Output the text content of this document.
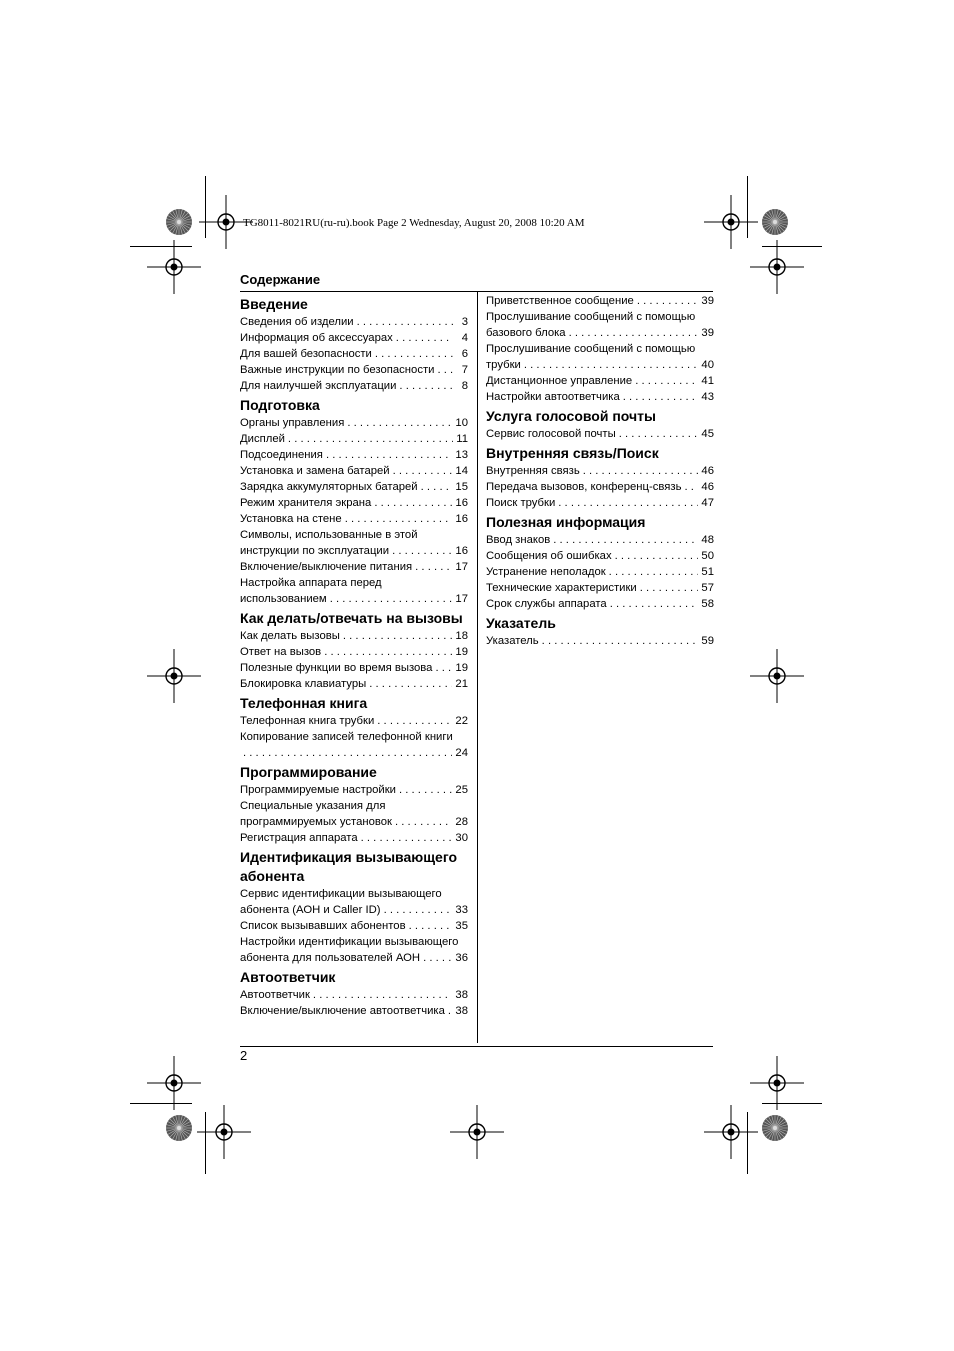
TG8011-8021RU(ru-ru).book Page 2 Wednesday, August 20, 2008 10:20 AM
Содержание
Введение
Сведения об изделии . . .	3
Информация об аксессуарах . . .	4
Для вашей безопасности . . .	6
Важные инструкции по безопасности . . .	7
Для наилучшей эксплуатации . . .	8
Подготовка
Органы управления . . .	10
Дисплей . . .	11
Подсоединения . . .	13
Установка и замена батарей . . .	14
Зарядка аккумуляторных батарей . . .	15
Режим хранителя экрана . . .	16
Установка на стене . . .	16
Символы, использованные в этой
инструкции по эксплуатации . . .	16
Включение/выключение питания . . .	17
Настройка аппарата перед
использованием . . .	17
Как делать/отвечать на вызовы
Как делать вызовы . . .	18
Ответ на вызов . . .	19
Полезные функции во время вызова . . . 19
Блокировка клавиатуры . . .	21
Телефонная книга
Телефонная книга трубки . . .	22
Копирование записей телефонной книги
. . .
24
Программирование
Программируемые настройки . . .	25
Специальные указания для
программируемых установок . . .	28
Регистрация аппарата . . .	30
Идентификация вызывающего абонента
Сервис идентификации вызывающего
абонента (АОН и Caller ID) . . .	33
Список вызывавших абонентов . . .	35
Настройки идентификации вызывающего
абонента для пользователей АОН . . .	36
Автоответчик
Автоответчик . . .	38
Включение/выключение автоответчика . . . 38
Приветственное сообщение . . .	39
Прослушивание сообщений с помощью
базового блока . . .	39
Прослушивание сообщений с помощью
трубки . . .	40
Дистанционное управление . . .	41
Настройки автоответчика . . .	43
Услуга голосовой почты
Сервис голосовой почты . . .	45
Внутренняя связь/Поиск
Внутренняя связь . . .	46
Передача вызовов, конференц-связь . . . 46
Поиск трубки . . .	47
Полезная информация
Ввод знаков . . .	48
Сообщения об ошибках . . .	50
Устранение неполадок . . .	51
Технические характеристики . . .	57
Срок службы аппарата . . .	58
Указатель
Указатель . . .	59
2
